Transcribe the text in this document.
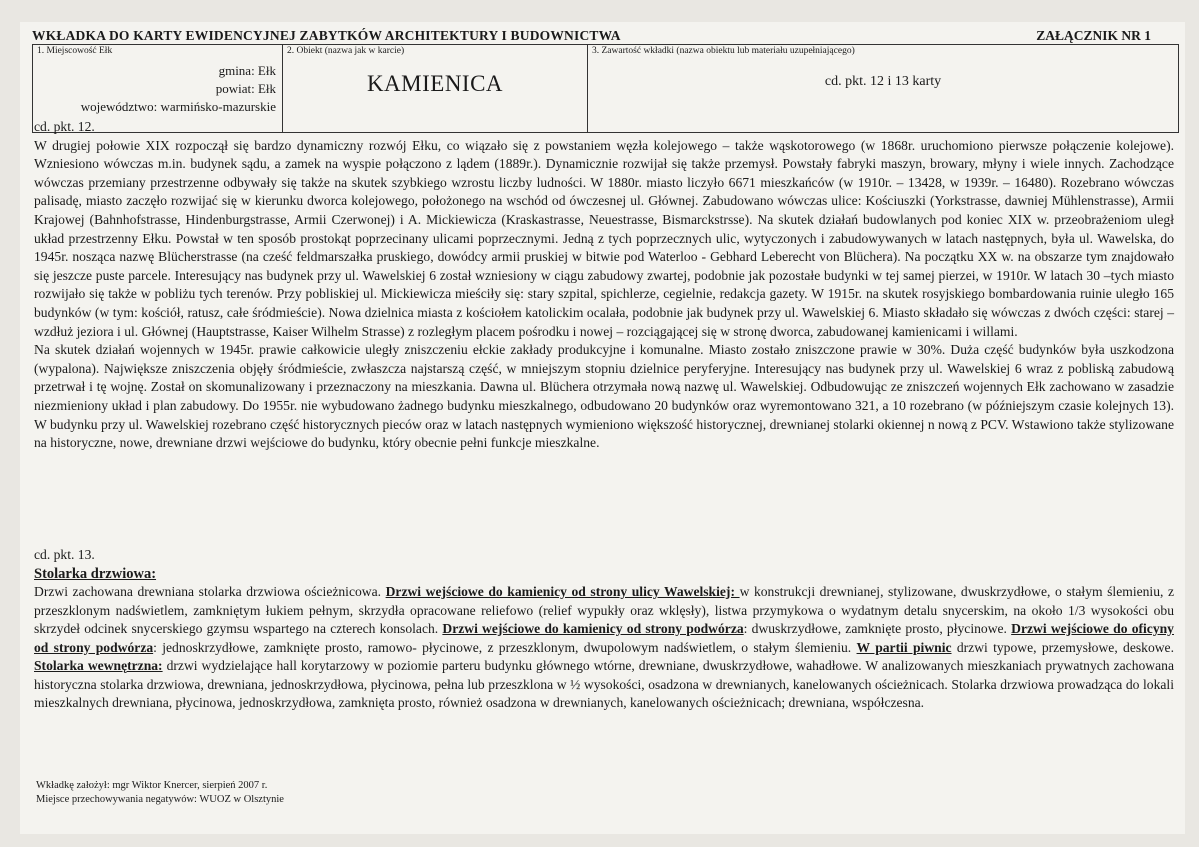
WKŁADKA DO KARTY EWIDENCYJNEJ ZABYTKÓW ARCHITEKTURY I BUDOWNICTWA	ZAŁĄCZNIK NR 1
1. Miejscowość Ełk
gmina: Ełk
powiat: Ełk
województwo: warmińsko-mazurskie
2. Obiekt (nazwa jak w karcie)
KAMIENICA
3. Zawartość wkładki (nazwa obiektu lub materiału uzupełniającego)
cd. pkt. 12 i 13 karty

cd. pkt. 12.

W drugiej połowie XIX rozpoczął się bardzo dynamiczny rozwój Ełku, co wiązało się z powstaniem węzła kolejowego – także wąskotorowego (w 1868r. uruchomiono pierwsze połączenie kolejowe). Wzniesiono wówczas m.in. budynek sądu, a zamek na wyspie połączono z lądem (1889r.). Dynamicznie rozwijał się także przemysł. Powstały fabryki maszyn, browary, młyny i wiele innych. Zachodzące wówczas przemiany przestrzenne odbywały się także na skutek szybkiego wzrostu liczby ludności. W 1880r. miasto liczyło 6671 mieszkańców (w 1910r. – 13428, w 1939r. – 16480). Rozebrano wówczas palisadę, miasto zaczęło rozwijać się w kierunku dworca kolejowego, położonego na wschód od ówczesnej ul. Głównej. Zabudowano wówczas ulice: Kościuszki (Yorkstrasse, dawniej Mühlenstrasse), Armii Krajowej (Bahnhofstrasse, Hindenburgstrasse, Armii Czerwonej) i A. Mickiewicza (Kraskastrasse, Neuestrasse, Bismarckstrsse). Na skutek działań budowlanych pod koniec XIX w. przeobrażeniom uległ układ przestrzenny Ełku. Powstał w ten sposób prostokąt poprzecinany ulicami poprzecznymi. Jedną z tych poprzecznych ulic, wytyczonych i zabudowywanych w latach następnych, była ul. Wawelska, do 1945r. nosząca nazwę Blücherstrasse (na cześć feldmarszałka pruskiego, dowódcy armii pruskiej w bitwie pod Waterloo - Gebhard Leberecht von Blüchera). Na początku XX w. na obszarze tym znajdowało się jeszcze puste parcele. Interesujący nas budynek przy ul. Wawelskiej 6 został wzniesiony w ciągu zabudowy zwartej, podobnie jak pozostałe budynki w tej samej pierzei, w 1910r. W latach 30 –tych miasto rozwijało się także w pobliżu tych terenów. Przy pobliskiej ul. Mickiewicza mieściły się: stary szpital, spichlerze, cegielnie, redakcja gazety. W 1915r. na skutek rosyjskiego bombardowania ruinie uległo 165 budynków (w tym: kościół, ratusz, całe śródmieście). Nowa dzielnica miasta z kościołem katolickim ocalała, podobnie jak budynek przy ul. Wawelskiej 6. Miasto składało się wówczas z dwóch części: starej – wzdłuż jeziora i ul. Głównej (Hauptstrasse, Kaiser Wilhelm Strasse) z rozległym placem pośrodku i nowej – rozciągającej się w stronę dworca, zabudowanej kamienicami i willami.

Na skutek działań wojennych w 1945r. prawie całkowicie uległy zniszczeniu ełckie zakłady produkcyjne i komunalne. Miasto zostało zniszczone prawie w 30%. Duża część budynków była uszkodzona (wypalona). Największe zniszczenia objęły śródmieście, zwłaszcza najstarszą część, w mniejszym stopniu dzielnice peryferyjne. Interesujący nas budynek przy ul. Wawelskiej 6 wraz z pobliską zabudową przetrwał i tę wojnę. Został on skomunalizowany i przeznaczony na mieszkania. Dawna ul. Blüchera otrzymała nową nazwę ul. Wawelskiej. Odbudowując ze zniszczeń wojennych Ełk zachowano w zasadzie niezmieniony układ i plan zabudowy. Do 1955r. nie wybudowano żadnego budynku mieszkalnego, odbudowano 20 budynków oraz wyremontowano 321, a 10 rozebrano (w późniejszym czasie kolejnych 13). W budynku przy ul. Wawelskiej rozebrano część historycznych pieców oraz w latach następnych wymieniono większość historycznej, drewnianej stolarki okiennej n nową z PCV. Wstawiono także stylizowane na historyczne, nowe, drewniane drzwi wejściowe do budynku, który obecnie pełni funkcje mieszkalne.

cd. pkt. 13.

Stolarka drzwiowa:

Drzwi zachowana drewniana stolarka drzwiowa ościeżnicowa. Drzwi wejściowe do kamienicy od strony ulicy Wawelskiej: w konstrukcji drewnianej, stylizowane, dwuskrzydłowe, o stałym ślemieniu, z przeszklonym nadświetlem, zamkniętym łukiem pełnym, skrzydła opracowane reliefowo (relief wypukły oraz wklęsły), listwa przymykowa o wydatnym detalu snycerskim, na około 1/3 wysokości obu skrzydeł odcinek snycerskiego gzymsu wspartego na czterech konsolach. Drzwi wejściowe do kamienicy od strony podwórza: dwuskrzydłowe, zamknięte prosto, płycinowe. Drzwi wejściowe do oficyny od strony podwórza: jednoskrzydłowe, zamknięte prosto, ramowo- płycinowe, z przeszklonym, dwupolowym nadświetlem, o stałym ślemieniu. W partii piwnic drzwi typowe, przemysłowe, deskowe. Stolarka wewnętrzna: drzwi wydzielające hall korytarzowy w poziomie parteru budynku głównego wtórne, drewniane, dwuskrzydłowe, wahadłowe. W analizowanych mieszkaniach prywatnych zachowana historyczna stolarka drzwiowa, drewniana, jednoskrzydłowa, płycinowa, pełna lub przeszklona w ½ wysokości, osadzona w drewnianych, kanelowanych ościeżnicach. Stolarka drzwiowa prowadząca do lokali mieszkalnych drewniana, płycinowa, jednoskrzydłowa, zamknięta prosto, również osadzona w drewnianych, kanelowanych ościeżnicach; drewniana, współczesna.

Wkładkę założył: mgr Wiktor Knercer, sierpień 2007 r.
Miejsce przechowywania negatywów: WUOZ w Olsztynie
